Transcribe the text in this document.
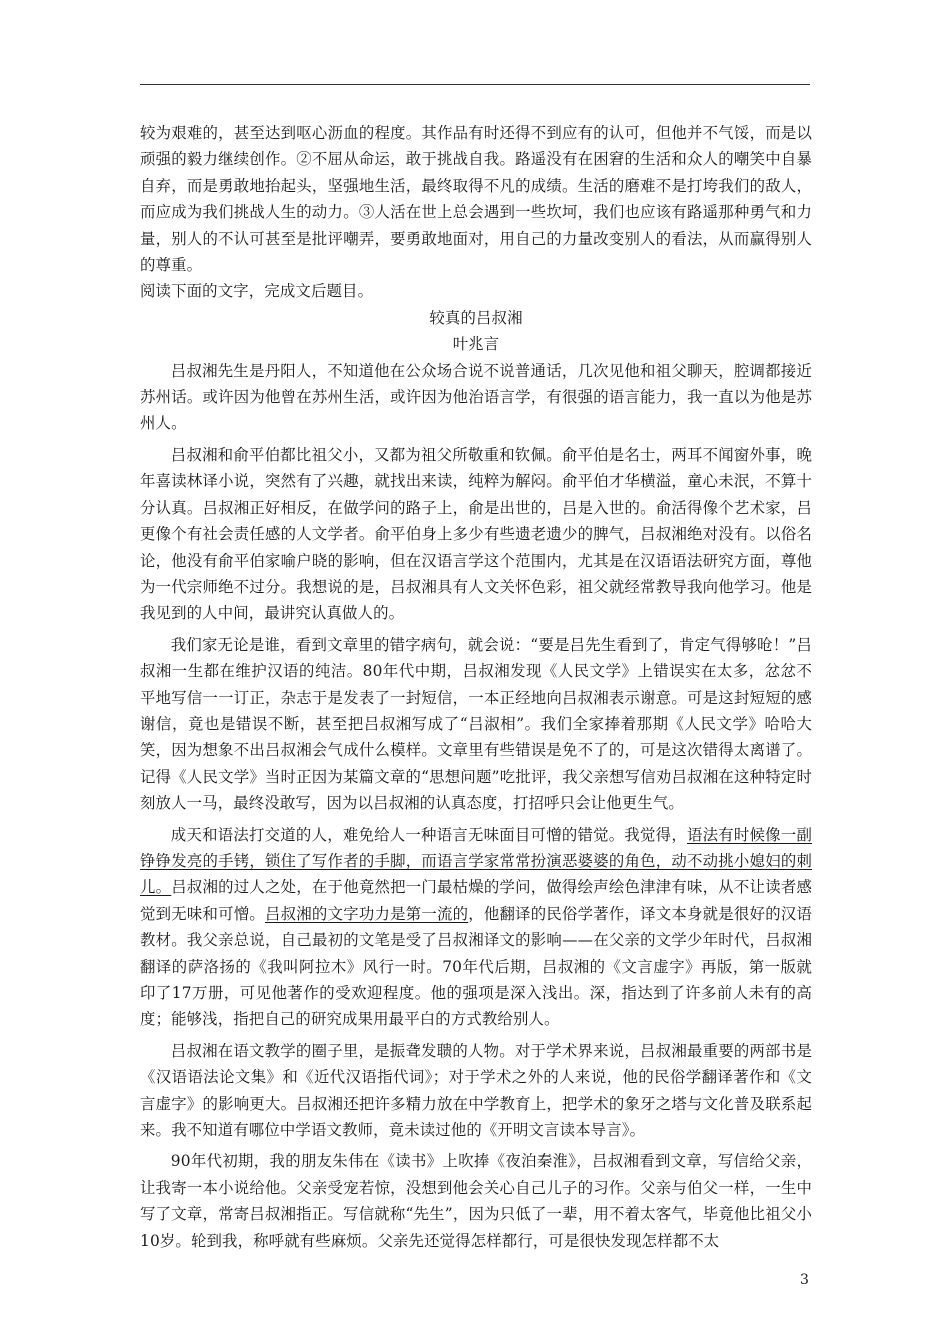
较为艰难的，甚至达到呕心沥血的程度。其作品有时还得不到应有的认可，但他并不气馁，而是以顽强的毅力继续创作。②不屈从命运，敢于挑战自我。路遥没有在困窘的生活和众人的嘲笑中自暴自弃，而是勇敢地抬起头，坚强地生活，最终取得不凡的成绩。生活的磨难不是打垮我们的敌人，而应成为我们挑战人生的动力。③人活在世上总会遇到一些坎坷，我们也应该有路遥那种勇气和力量，别人的不认可甚至是批评嘲弄，要勇敢地面对，用自己的力量改变别人的看法，从而赢得别人的尊重。

阅读下面的文字，完成文后题目。

较真的吕叔湘

叶兆言

吕叔湘先生是丹阳人，不知道他在公众场合说不说普通话，几次见他和祖父聊天，腔调都接近苏州话。或许因为他曾在苏州生活，或许因为他治语言学，有很强的语言能力，我一直以为他是苏州人。

吕叔湘和俞平伯都比祖父小，又都为祖父所敬重和钦佩。俞平伯是名士，两耳不闻窗外事，晚年喜读林译小说，突然有了兴趣，就找出来读，纯粹为解闷。俞平伯才华横溢，童心未泯，不算十分认真。吕叔湘正好相反，在做学问的路子上，俞是出世的，吕是入世的。俞活得像个艺术家，吕更像个有社会责任感的人文学者。俞平伯身上多少有些遗老遗少的脾气，吕叔湘绝对没有。以俗名论，他没有俞平伯家喻户晓的影响，但在汉语言学这个范围内，尤其是在汉语语法研究方面，尊他为一代宗师绝不过分。我想说的是，吕叔湘具有人文关怀色彩，祖父就经常教导我向他学习。他是我见到的人中间，最讲究认真做人的。

我们家无论是谁，看到文章里的错字病句，就会说：“要是吕先生看到了，肯定气得够呛！”吕叔湘一生都在维护汉语的纯洁。80年代中期，吕叔湘发现《人民文学》上错误实在太多，忿忿不平地写信一一订正，杂志于是发表了一封短信，一本正经地向吕叔湘表示谢意。可是这封短短的感谢信，竟也是错误不断，甚至把吕叔湘写成了“吕淑相”。我们全家捧着那期《人民文学》哈哈大笑，因为想象不出吕叔湘会气成什么模样。文章里有些错误是免不了的，可是这次错得太离谱了。记得《人民文学》当时正因为某篇文章的“思想问题”吃批评，我父亲想写信劝吕叔湘在这种特定时刻放人一马，最终没敢写，因为以吕叔湘的认真态度，打招呼只会让他更生气。

成天和语法打交道的人，难免给人一种语言无味面目可憎的错觉。我觉得，语法有时候像一副铮铮发亮的手铐，锁住了写作者的手脚，而语言学家常常扮演恶婆婆的角色，动不动挑小媳妇的刺儿。吕叔湘的过人之处，在于他竟然把一门最枯燥的学问，做得绘声绘色津津有味，从不让读者感觉到无味和可憎。吕叔湘的文字功力是第一流的，他翻译的民俗学著作，译文本身就是很好的汉语教材。我父亲总说，自己最初的文笔是受了吕叔湘译文的影响——在父亲的文学少年时代，吕叔湘翻译的萨洛扬的《我叫阿拉木》风行一时。70年代后期，吕叔湘的《文言虚字》再版，第一版就印了17万册，可见他著作的受欢迎程度。他的强项是深入浅出。深，指达到了许多前人未有的高度；能够浅，指把自己的研究成果用最平白的方式教给别人。

吕叔湘在语文教学的圈子里，是振聋发聩的人物。对于学术界来说，吕叔湘最重要的两部书是《汉语语法论文集》和《近代汉语指代词》；对于学术之外的人来说，他的民俗学翻译著作和《文言虚字》的影响更大。吕叔湘还把许多精力放在中学教育上，把学术的象牙之塔与文化普及联系起来。我不知道有哪位中学语文教师，竟未读过他的《开明文言读本导言》。

90年代初期，我的朋友朱伟在《读书》上吹捧《夜泊秦淮》，吕叔湘看到文章，写信给父亲，让我寄一本小说给他。父亲受宠若惊，没想到他会关心自己儿子的习作。父亲与伯父一样，一生中写了文章，常寄吕叔湘指正。写信就称“先生”，因为只低了一辈，用不着太客气，毕竟他比祖父小10岁。轮到我，称呼就有些麻烦。父亲先还觉得怎样都行，可是很快发现怎样都不太

3
